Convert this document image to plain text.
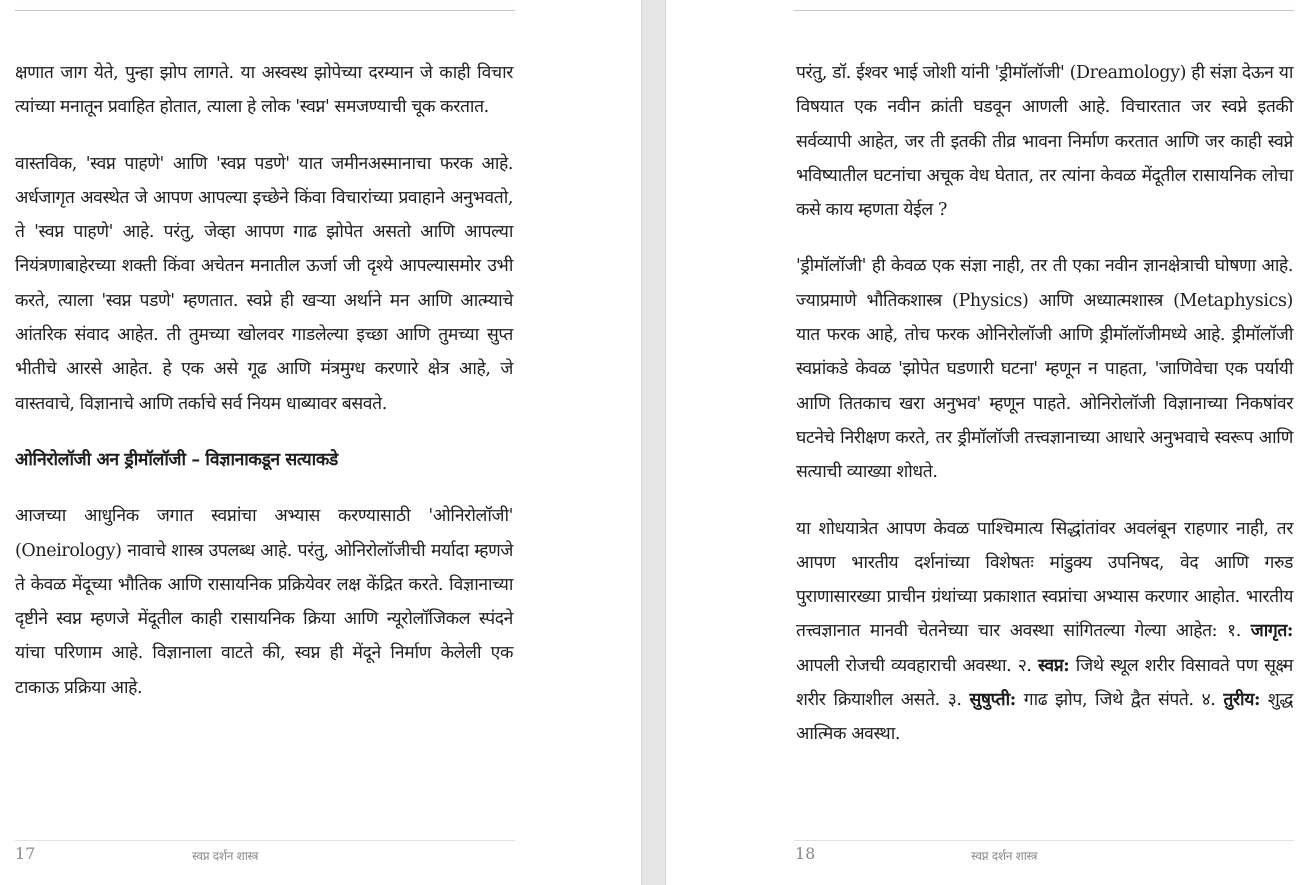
क्षणात जाग येते, पुन्हा झोप लागते. या अस्वस्थ झोपेच्या दरम्यान जे काही विचार त्यांच्या मनातून प्रवाहित होतात, त्याला हे लोक 'स्वप्न' समजण्याची चूक करतात.

वास्तविक, 'स्वप्न पाहणे' आणि 'स्वप्न पडणे' यात जमीनअस्मानाचा फरक आहे. अर्धजागृत अवस्थेत जे आपण आपल्या इच्छेने किंवा विचारांच्या प्रवाहाने अनुभवतो, ते 'स्वप्न पाहणे' आहे. परंतु, जेव्हा आपण गाढ झोपेत असतो आणि आपल्या नियंत्रणाबाहेरच्या शक्ती किंवा अचेतन मनातील ऊर्जा जी दृश्ये आपल्यासमोर उभी करते, त्याला 'स्वप्न पडणे' म्हणतात. स्वप्ने ही खऱ्या अर्थाने मन आणि आत्म्याचे आंतरिक संवाद आहेत. ती तुमच्या खोलवर गाडलेल्या इच्छा आणि तुमच्या सुप्त भीतीचे आरसे आहेत. हे एक असे गूढ आणि मंत्रमुग्ध करणारे क्षेत्र आहे, जे वास्तवाचे, विज्ञानाचे आणि तर्काचे सर्व नियम धाब्यावर बसवते.

ओनिरोलॉजी अन ड्रीमॉलॉजी – विज्ञानाकडून सत्याकडे

आजच्या आधुनिक जगात स्वप्नांचा अभ्यास करण्यासाठी 'ओनिरोलॉजी' (Oneirology) नावाचे शास्त्र उपलब्ध आहे. परंतु, ओनिरोलॉजीची मर्यादा म्हणजे ते केवळ मेंदूच्या भौतिक आणि रासायनिक प्रक्रियेवर लक्ष केंद्रित करते. विज्ञानाच्या दृष्टीने स्वप्न म्हणजे मेंदूतील काही रासायनिक क्रिया आणि न्यूरोलॉजिकल स्पंदने यांचा परिणाम आहे. विज्ञानाला वाटते की, स्वप्न ही मेंदूने निर्माण केलेली एक टाकाऊ प्रक्रिया आहे.

17	स्वप्न दर्शन शास्त्र

परंतु, डॉ. ईश्वर भाई जोशी यांनी 'ड्रीमॉलॉजी' (Dreamology) ही संज्ञा देऊन या विषयात एक नवीन क्रांती घडवून आणली आहे. विचारतात जर स्वप्ने इतकी सर्वव्यापी आहेत, जर ती इतकी तीव्र भावना निर्माण करतात आणि जर काही स्वप्ने भविष्यातील घटनांचा अचूक वेध घेतात, तर त्यांना केवळ मेंदूतील रासायनिक लोचा कसे काय म्हणता येईल ?

'ड्रीमॉलॉजी' ही केवळ एक संज्ञा नाही, तर ती एका नवीन ज्ञानक्षेत्राची घोषणा आहे. ज्याप्रमाणे भौतिकशास्त्र (Physics) आणि अध्यात्मशास्त्र (Metaphysics) यात फरक आहे, तोच फरक ओनिरोलॉजी आणि ड्रीमॉलॉजीमध्ये आहे. ड्रीमॉलॉजी स्वप्नांकडे केवळ 'झोपेत घडणारी घटना' म्हणून न पाहता, 'जाणिवेचा एक पर्यायी आणि तितकाच खरा अनुभव' म्हणून पाहते. ओनिरोलॉजी विज्ञानाच्या निकषांवर घटनेचे निरीक्षण करते, तर ड्रीमॉलॉजी तत्त्वज्ञानाच्या आधारे अनुभवाचे स्वरूप आणि सत्याची व्याख्या शोधते.

या शोधयात्रेत आपण केवळ पाश्चिमात्य सिद्धांतांवर अवलंबून राहणार नाही, तर आपण भारतीय दर्शनांच्या विशेषतः मांडुक्य उपनिषद, वेद आणि गरुड पुराणासारख्या प्राचीन ग्रंथांच्या प्रकाशात स्वप्नांचा अभ्यास करणार आहोत. भारतीय तत्त्वज्ञानात मानवी चेतनेच्या चार अवस्था सांगितल्या गेल्या आहेत: १. जागृत: आपली रोजची व्यवहाराची अवस्था. २. स्वप्न: जिथे स्थूल शरीर विसावते पण सूक्ष्म शरीर क्रियाशील असते. ३. सुषुप्ती: गाढ झोप, जिथे द्वैत संपते. ४. तुरीय: शुद्ध आत्मिक अवस्था.

18	स्वप्न दर्शन शास्त्र
